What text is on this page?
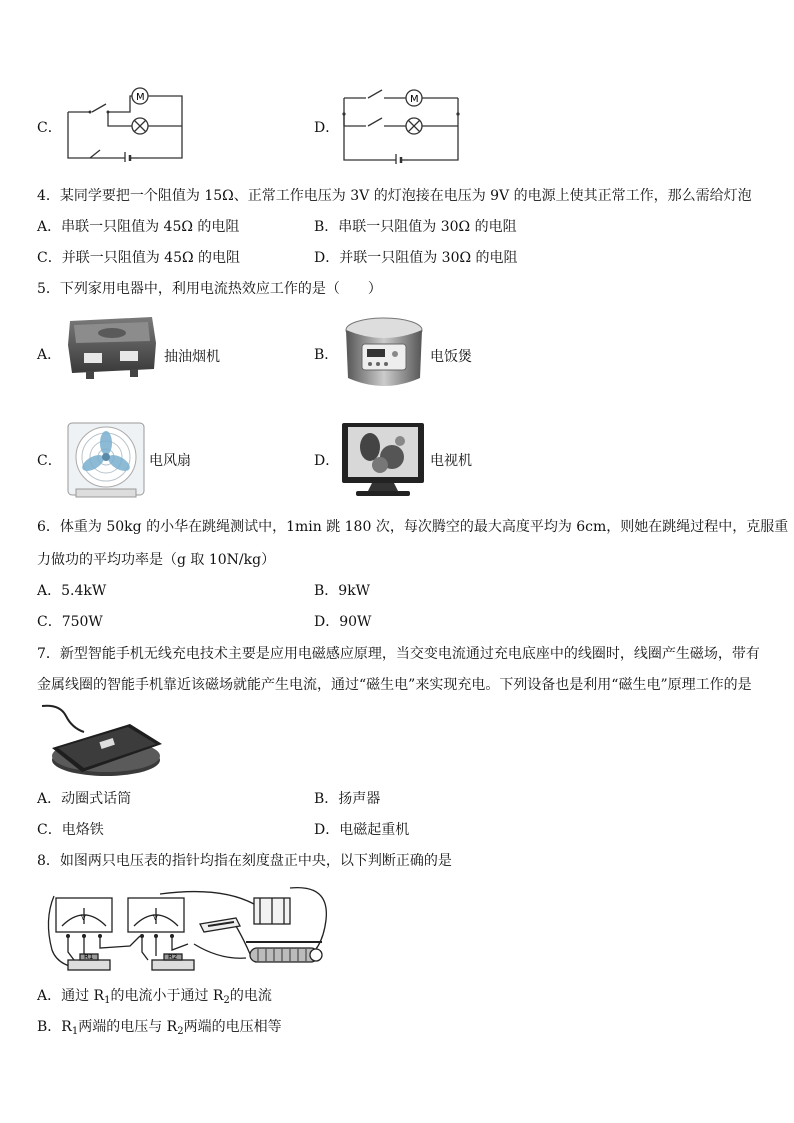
C．
M
D．
M
4．某同学要把一个阻值为 15Ω、正常工作电压为 3V 的灯泡接在电压为 9V 的电源上使其正常工作，那么需给灯泡
A．串联一只阻值为 45Ω 的电阻	B．串联一只阻值为 30Ω 的电阻
C．并联一只阻值为 45Ω 的电阻	D．并联一只阻值为 30Ω 的电阻
5．下列家用电器中，利用电流热效应工作的是（　　）
A．	抽油烟机	B．	电饭煲
C．	电风扇	D．	电视机
6．体重为 50kg 的小华在跳绳测试中，1min 跳 180 次，每次腾空的最大高度平均为 6cm，则她在跳绳过程中，克服重
力做功的平均功率是（g 取 10N/kg）
A．5.4kW	B．9kW
C．750W	D．90W
7．新型智能手机无线充电技术主要是应用电磁感应原理，当交变电流通过充电底座中的线圈时，线圈产生磁场，带有
金属线圈的智能手机靠近该磁场就能产生电流，通过“磁生电”来实现充电。下列设备也是利用“磁生电”原理工作的是
A．动圈式话筒	B．扬声器
C．电烙铁	D．电磁起重机
8．如图两只电压表的指针均指在刻度盘正中央，以下判断正确的是
V	V
R1	R2
A．通过 $R_1$的电流小于通过 $R_2$的电流
B．$R_1$两端的电压与 $R_2$两端的电压相等
